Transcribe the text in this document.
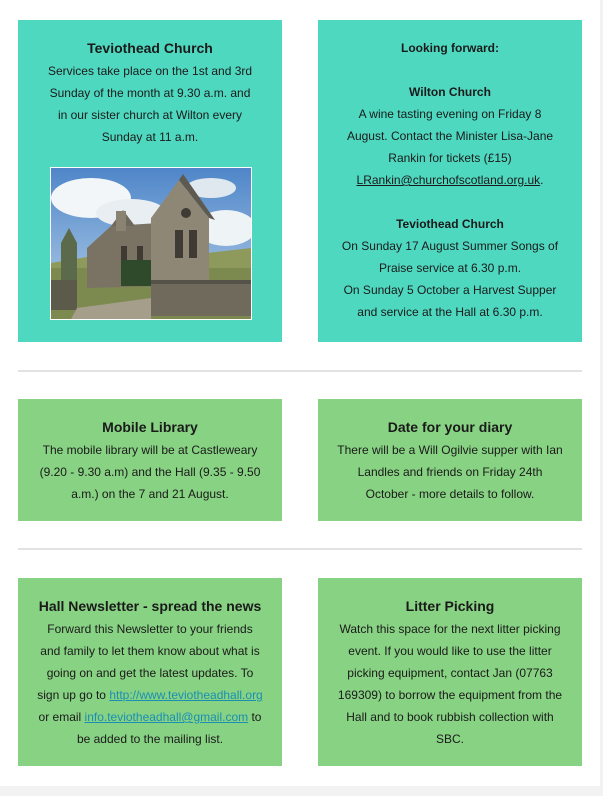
Teviothead Church

Services take place on the 1st and 3rd

Sunday of the month at 9.30 a.m. and

in our sister church at Wilton every

Sunday at 11 a.m.

Looking forward:
Wilton Church

A wine tasting evening on Friday 8

August. Contact the Minister Lisa-Jane

Rankin for tickets (£15)

LRankin@churchofscotland.org.uk.

Teviothead Church

On Sunday 17 August Summer Songs of

Praise service at 6.30 p.m.

On Sunday 5 October a Harvest Supper

and service at the Hall at 6.30 p.m.

Mobile Library

The mobile library will be at Castleweary

(9.20 - 9.30 a.m) and the Hall (9.35 - 9.50

a.m.) on the 7 and 21 August.

Date for your diary

There will be a Will Ogilvie supper with Ian

Landles and friends on Friday 24th

October - more details to follow.

Hall Newsletter - spread the news

Forward this Newsletter to your friends

and family to let them know about what is

going on and get the latest updates. To

sign up go to http://www.teviotheadhall.org

or email info.teviotheadhall@gmail.com to

be added to the mailing list.

Litter Picking

Watch this space for the next litter picking

event. If you would like to use the litter

picking equipment, contact Jan (07763

169309) to borrow the equipment from the

Hall and to book rubbish collection with

SBC.
